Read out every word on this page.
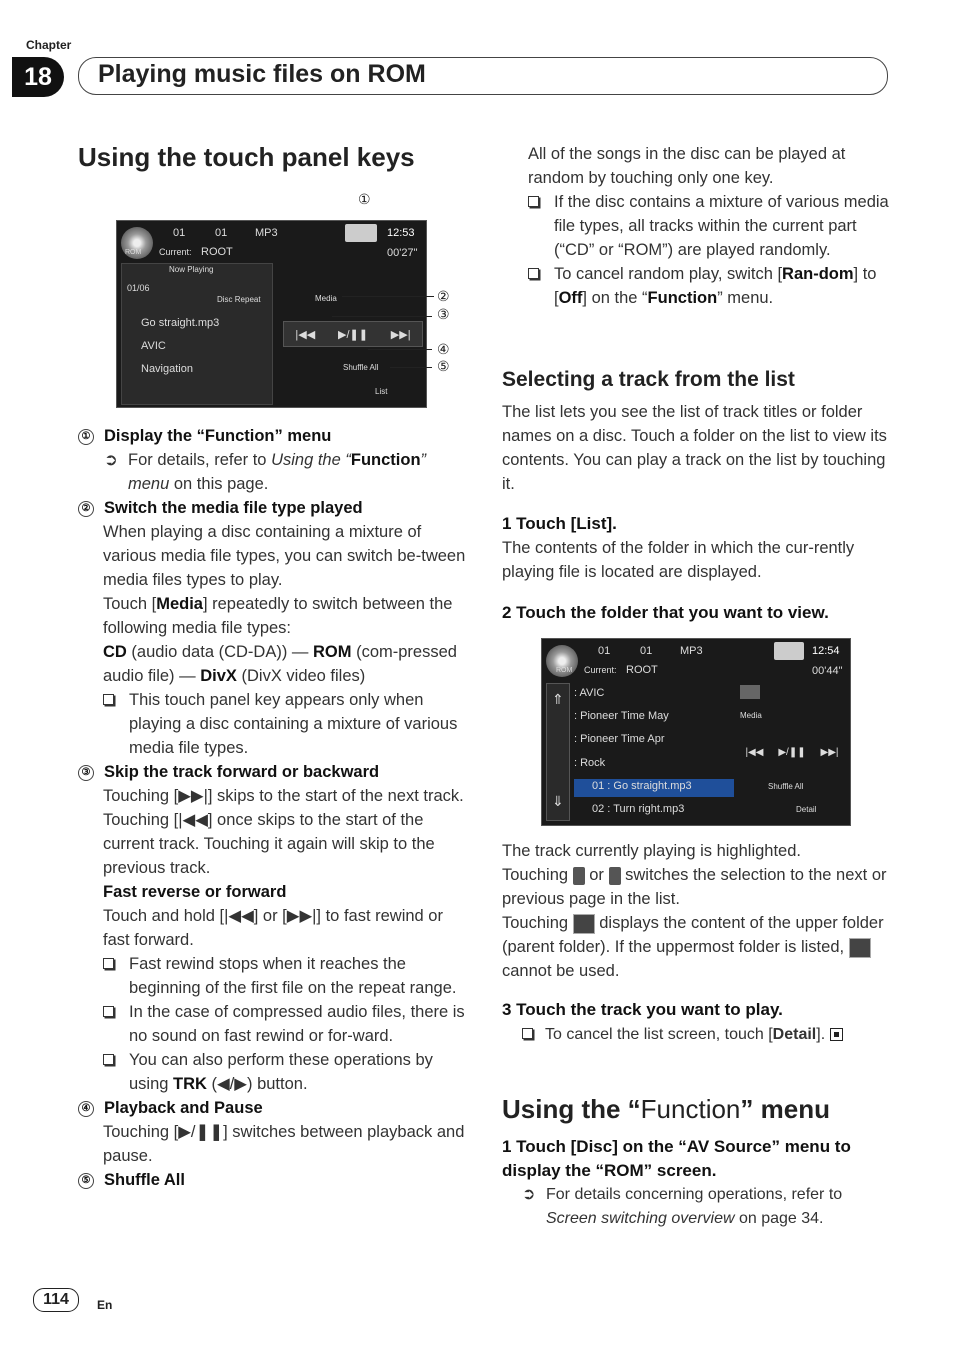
Chapter
18	Playing music files on ROM
Using the touch panel keys
ROM
01	01	MP3	12:53
Current: ROOT	00'27"
Now Playing
01/06
Disc Repeat
Go straight.mp3
AVIC
Navigation
Media
|◀◀ ▶/❚❚ ▶▶|
Shuffle All
List
①
②
③
④
⑤
① Display the “Function” menu
➲ For details, refer to Using the “Function” menu on this page.
② Switch the media file type played
When playing a disc containing a mixture of various media file types, you can switch be-tween media files types to play.
Touch [Media] repeatedly to switch between the following media file types:
CD (audio data (CD-DA)) — ROM (com-pressed audio file) — DivX (DivX video files)
This touch panel key appears only when playing a disc containing a mixture of various media file types.
③ Skip the track forward or backward
Touching [▶▶|] skips to the start of the next track. Touching [|◀◀] once skips to the start of the current track. Touching it again will skip to the previous track.
Fast reverse or forward
Touch and hold [|◀◀] or [▶▶|] to fast rewind or fast forward.
Fast rewind stops when it reaches the beginning of the first file on the repeat range.
In the case of compressed audio files, there is no sound on fast rewind or for-ward.
You can also perform these operations by using TRK (◀/▶) button.
④ Playback and Pause
Touching [▶/❚❚] switches between playback and pause.
⑤ Shuffle All
All of the songs in the disc can be played at random by touching only one key.
If the disc contains a mixture of various media file types, all tracks within the current part (“CD” or “ROM”) are played randomly.
To cancel random play, switch [Ran-dom] to [Off] on the “Function” menu.
Selecting a track from the list
The list lets you see the list of track titles or folder names on a disc. Touch a folder on the list to view its contents. You can play a track on the list by touching it.
1 Touch [List].
The contents of the folder in which the cur-rently playing file is located are displayed.
2 Touch the folder that you want to view.
ROM
01	01	MP3	12:54
Current: ROOT	00'44"
⇑
⇓
: AVIC
: Pioneer Time May
: Pioneer Time Apr
: Rock
01 : Go straight.mp3
02 : Turn right.mp3
Media
|◀◀ ▶/❚❚ ▶▶|
Shuffle All
Detail
The track currently playing is highlighted.
Touching or switches the selection to the next or previous page in the list.
Touching displays the content of the upper folder (parent folder). If the uppermost folder is listed,  cannot be used.
3 Touch the track you want to play.
To cancel the list screen, touch [Detail].
Using the “Function” menu
1 Touch [Disc] on the “AV Source” menu to display the “ROM” screen.
➲ For details concerning operations, refer to Screen switching overview on page 34.
114	En
